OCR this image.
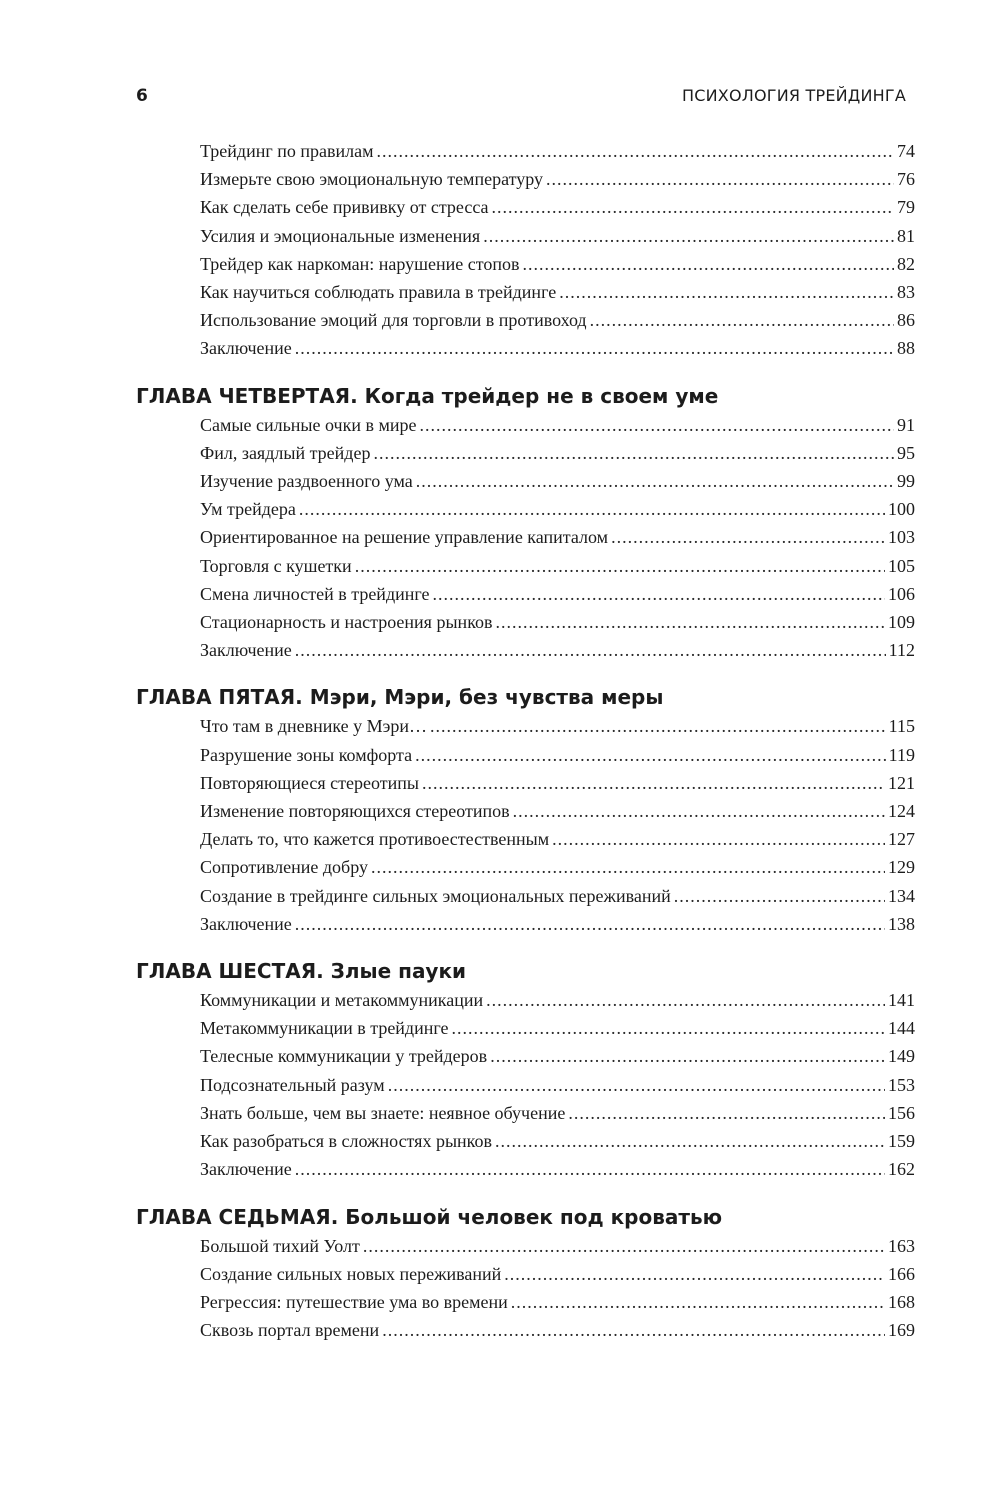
6	ПСИХОЛОГИЯ ТРЕЙДИНГА
Трейдинг по правилам .....	74
Измерьте свою эмоциональную температуру .....	76
Как сделать себе прививку от стресса .....	79
Усилия и эмоциональные изменения .....	81
Трейдер как наркоман: нарушение стопов .....	82
Как научиться соблюдать правила в трейдинге .....	83
Использование эмоций для торговли в противоход .....	86
Заключение .....	88
ГЛАВА ЧЕТВЕРТАЯ. Когда трейдер не в своем уме
Самые сильные очки в мире .....	91
Фил, заядлый трейдер .....	95
Изучение раздвоенного ума .....	99
Ум трейдера .....	100
Ориентированное на решение управление капиталом .....	103
Торговля с кушетки .....	105
Смена личностей в трейдинге .....	106
Стационарность и настроения рынков .....	109
Заключение .....	112
ГЛАВА ПЯТАЯ. Мэри, Мэри, без чувства меры
Что там в дневнике у Мэри… .....	115
Разрушение зоны комфорта .....	119
Повторяющиеся стереотипы .....	121
Изменение повторяющихся стереотипов .....	124
Делать то, что кажется противоестественным .....	127
Сопротивление добру .....	129
Создание в трейдинге сильных эмоциональных переживаний .....	134
Заключение .....	138
ГЛАВА ШЕСТАЯ. Злые пауки
Коммуникации и метакоммуникации .....	141
Метакоммуникации в трейдинге .....	144
Телесные коммуникации у трейдеров .....	149
Подсознательный разум .....	153
Знать больше, чем вы знаете: неявное обучение .....	156
Как разобраться в сложностях рынков .....	159
Заключение .....	162
ГЛАВА СЕДЬМАЯ. Большой человек под кроватью
Большой тихий Уолт .....	163
Создание сильных новых переживаний .....	166
Регрессия: путешествие ума во времени .....	168
Сквозь портал времени .....	169
